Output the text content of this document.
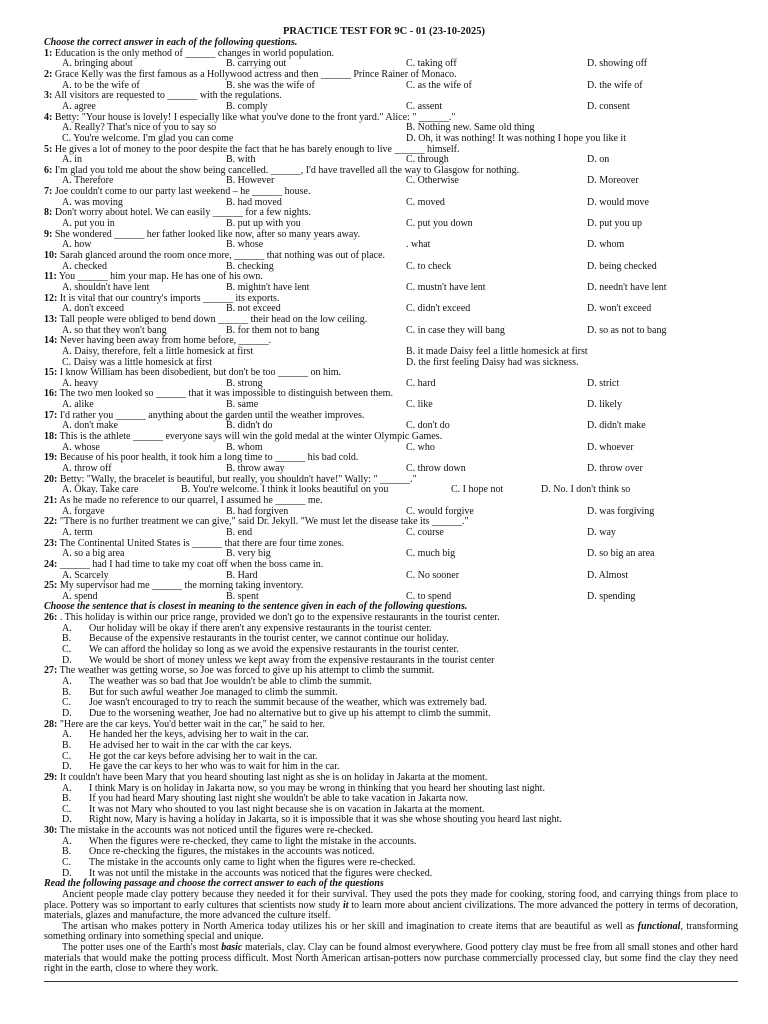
PRACTICE TEST FOR 9C - 01 (23-10-2025)
Choose the correct answer in each of the following questions.
1: Education is the only method of ______ changes in world population.
A. bringing about	B. carrying out	C. taking off	D. showing off
2: Grace Kelly was the first famous as a Hollywood actress and then ______ Prince Rainer of Monaco.
A. to be the wife of	B. she was the wife of	C. as the wife of	D. the wife of
3: All visitors are requested to ______ with the regulations.
A. agree	B. comply	C. assent	D. consent
4: Betty: "Your house is lovely! I especially like what you've done to the front yard." Alice: " ______."
A. Really? That's nice of you to say so	B. Nothing new. Same old thing
C. You're welcome. I'm glad you can come	D. Oh, it was nothing! It was nothing I hope you like it
5: He gives a lot of money to the poor despite the fact that he has barely enough to live ______ himself.
A. in	B. with	C. through	D. on
6: I'm glad you told me about the show being cancelled. ______, I'd have travelled all the way to Glasgow for nothing.
A. Therefore	B. However	C. Otherwise	D. Moreover
7: Joe couldn't come to our party last weekend – he ______ house.
A. was moving	B. had moved	C. moved	D. would move
8: Don't worry about hotel. We can easily ______ for a few nights.
A. put you in	B. put up with you	C. put you down	D. put you up
9: She wondered ______ her father looked like now, after so many years away.
A. how	B. whose	. what	D. whom
10: Sarah glanced around the room once more, ______ that nothing was out of place.
A. checked	B. checking	C. to check	D. being checked
11: You ______ him your map. He has one of his own.
A. shouldn't have lent	B. mightn't have lent	C. mustn't have lent	D. needn't have lent
12: It is vital that our country's imports ______ its exports.
A. don't exceed	B. not exceed	C. didn't exceed	D. won't exceed
13: Tall people were obliged to bend down ______ their head on the low ceiling.
A. so that they won't bang	B. for them not to bang	C. in case they will bang	D. so as not to bang
14: Never having been away from home before, ______.
A. Daisy, therefore, felt a little homesick at first	B. it made Daisy feel a little homesick at first
C. Daisy was a little homesick at first	D. the first feeling Daisy had was sickness.
15: I know William has been disobedient, but don't be too ______ on him.
A. heavy	B. strong	C. hard	D. strict
16: The two men looked so ______ that it was impossible to distinguish between them.
A. alike	B. same	C. like	D. likely
17: I'd rather you ______ anything about the garden until the weather improves.
A. don't make	B. didn't do	C. don't do	D. didn't make
18: This is the athlete ______ everyone says will win the gold medal at the winter Olympic Games.
A. whose	B. whom	C. who	D. whoever
19: Because of his poor health, it took him a long time to ______ his bad cold.
A. throw off	B. throw away	C. throw down	D. throw over
20: Betty: "Wally, the bracelet is beautiful, but really, you shouldn't have!" Wally: " ______."
A. Okay. Take care	B. You're welcome. I think it looks beautiful on you	C. I hope not	D. No. I don't think so
21: As he made no reference to our quarrel, I assumed he ______ me.
A. forgave	B. had forgiven	C. would forgive	D. was forgiving
22: "There is no further treatment we can give," said Dr. Jekyll. "We must let the disease take its ______."
A. term	B. end	C. course	D. way
23: The Continental United States is ______ that there are four time zones.
A. so a big area	B. very big	C. much big	D. so big an area
24: ______ had I had time to take my coat off when the boss came in.
A. Scarcely	B. Hard	C. No sooner	D. Almost
25: My supervisor had me ______ the morning taking inventory.
A. spend	B. spent	C. to spend	D. spending
Choose the sentence that is closest in meaning to the sentence given in each of the following questions.
26: . This holiday is within our price range, provided we don't go to the expensive restaurants in the tourist center.
A. Our holiday will be okay if there aren't any expensive restaurants in the tourist center.
B. Because of the expensive restaurants in the tourist center, we cannot continue our holiday.
C. We can afford the holiday so long as we avoid the expensive restaurants in the tourist center.
D. We would be short of money unless we kept away from the expensive restaurants in the tourist center
27: The weather was getting worse, so Joe was forced to give up his attempt to climb the summit.
A. The weather was so bad that Joe wouldn't be able to climb the summit.
B. But for such awful weather Joe managed to climb the summit.
C. Joe wasn't encouraged to try to reach the summit because of the weather, which was extremely bad.
D. Due to the worsening weather, Joe had no alternative but to give up his attempt to climb the summit.
28: "Here are the car keys. You'd better wait in the car," he said to her.
A. He handed her the keys, advising her to wait in the car.
B. He advised her to wait in the car with the car keys.
C. He got the car keys before advising her to wait in the car.
D. He gave the car keys to her who was to wait for him in the car.
29: It couldn't have been Mary that you heard shouting last night as she is on holiday in Jakarta at the moment.
A. I think Mary is on holiday in Jakarta now, so you may be wrong in thinking that you heard her shouting last night.
B. If you had heard Mary shouting last night she wouldn't be able to take vacation in Jakarta now.
C. It was not Mary who shouted to you last night because she is on vacation in Jakarta at the moment.
D. Right now, Mary is having a holiday in Jakarta, so it is impossible that it was she whose shouting you heard last night.
30: The mistake in the accounts was not noticed until the figures were re-checked.
A. When the figures were re-checked, they came to light the mistake in the accounts.
B. Once re-checking the figures, the mistakes in the accounts was noticed.
C. The mistake in the accounts only came to light when the figures were re-checked.
D. It was not until the mistake in the accounts was noticed that the figures were checked.
Read the following passage and choose the correct answer to each of the questions
Ancient people made clay pottery because they needed it for their survival. They used the pots they made for cooking, storing food, and carrying things from place to place. Pottery was so important to early cultures that scientists now study it to learn more about ancient civilizations. The more advanced the pottery in terms of decoration, materials, glazes and manufacture, the more advanced the culture itself.
The artisan who makes pottery in North America today utilizes his or her skill and imagination to create items that are beautiful as well as functional, transforming something ordinary into something special and unique.
The potter uses one of the Earth's most basic materials, clay. Clay can be found almost everywhere. Good pottery clay must be free from all small stones and other hard materials that would make the potting process difficult. Most North American artisan-potters now purchase commercially processed clay, but some find the clay they need right in the earth, close to where they work.
